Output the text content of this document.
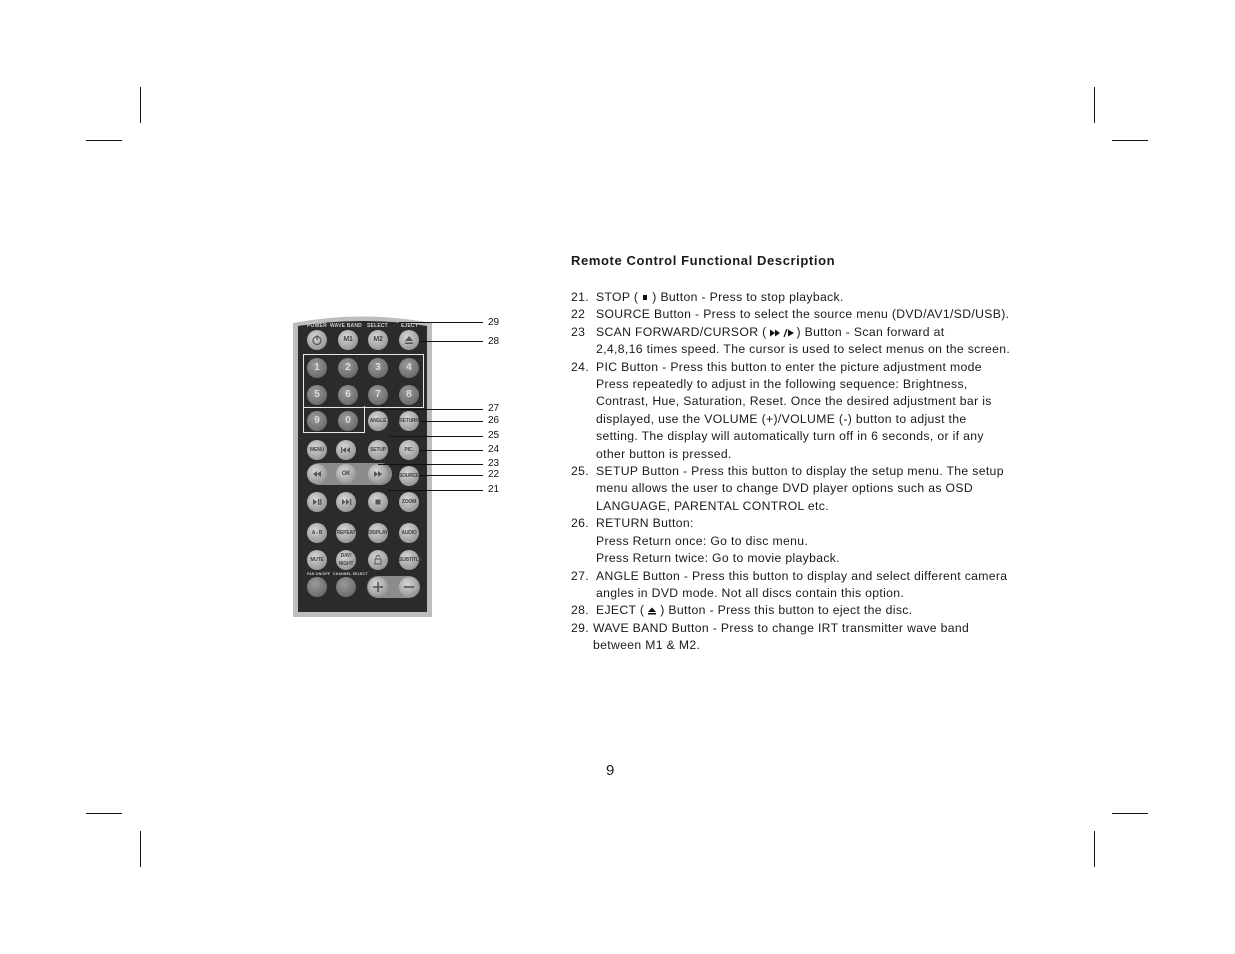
POWER WAVE BAND SELECT	EJECT
M1	M2
1	2	3	4
5	6	7	8
9	0	ANGLE	RETURN
MENU	SETUP	PIC.
OK	SOURCE
ZOOM
A - B	REPEAT	DISPLAY	AUDIO
MUTE
DAY/ NIGHT
SUBTITLE
FAN ON/OFF CHANNEL SELECT
29
28
27
26
25
24
23
22
21
Remote Control Functional Description
21. STOP ( ) Button - Press to stop playback.
22 SOURCE Button - Press to select the source menu (DVD/AV1/SD/USB).
23 SCAN FORWARD/CURSOR ( ) Button - Scan forward at
2,4,8,16 times speed. The cursor is used to select menus on the screen.
24. PIC Button - Press this button to enter the picture adjustment mode
Press repeatedly to adjust in the following sequence: Brightness,
Contrast, Hue, Saturation, Reset. Once the desired adjustment bar is
displayed, use the VOLUME (+)/VOLUME (-) button to adjust the
setting. The display will automatically turn off in 6 seconds, or if any
other button is pressed.
25. SETUP Button - Press this button to display the setup menu. The setup
menu allows the user to change DVD player options such as OSD
LANGUAGE, PARENTAL CONTROL etc.
26. RETURN Button:
Press Return once: Go to disc menu.
Press Return twice: Go to movie playback.
27. ANGLE Button - Press this button to display and select different camera
angles in DVD mode. Not all discs contain this option.
28. EJECT ( ) Button - Press this button to eject the disc.
29. WAVE BAND Button - Press to change IRT transmitter wave band
between M1 & M2.
9
